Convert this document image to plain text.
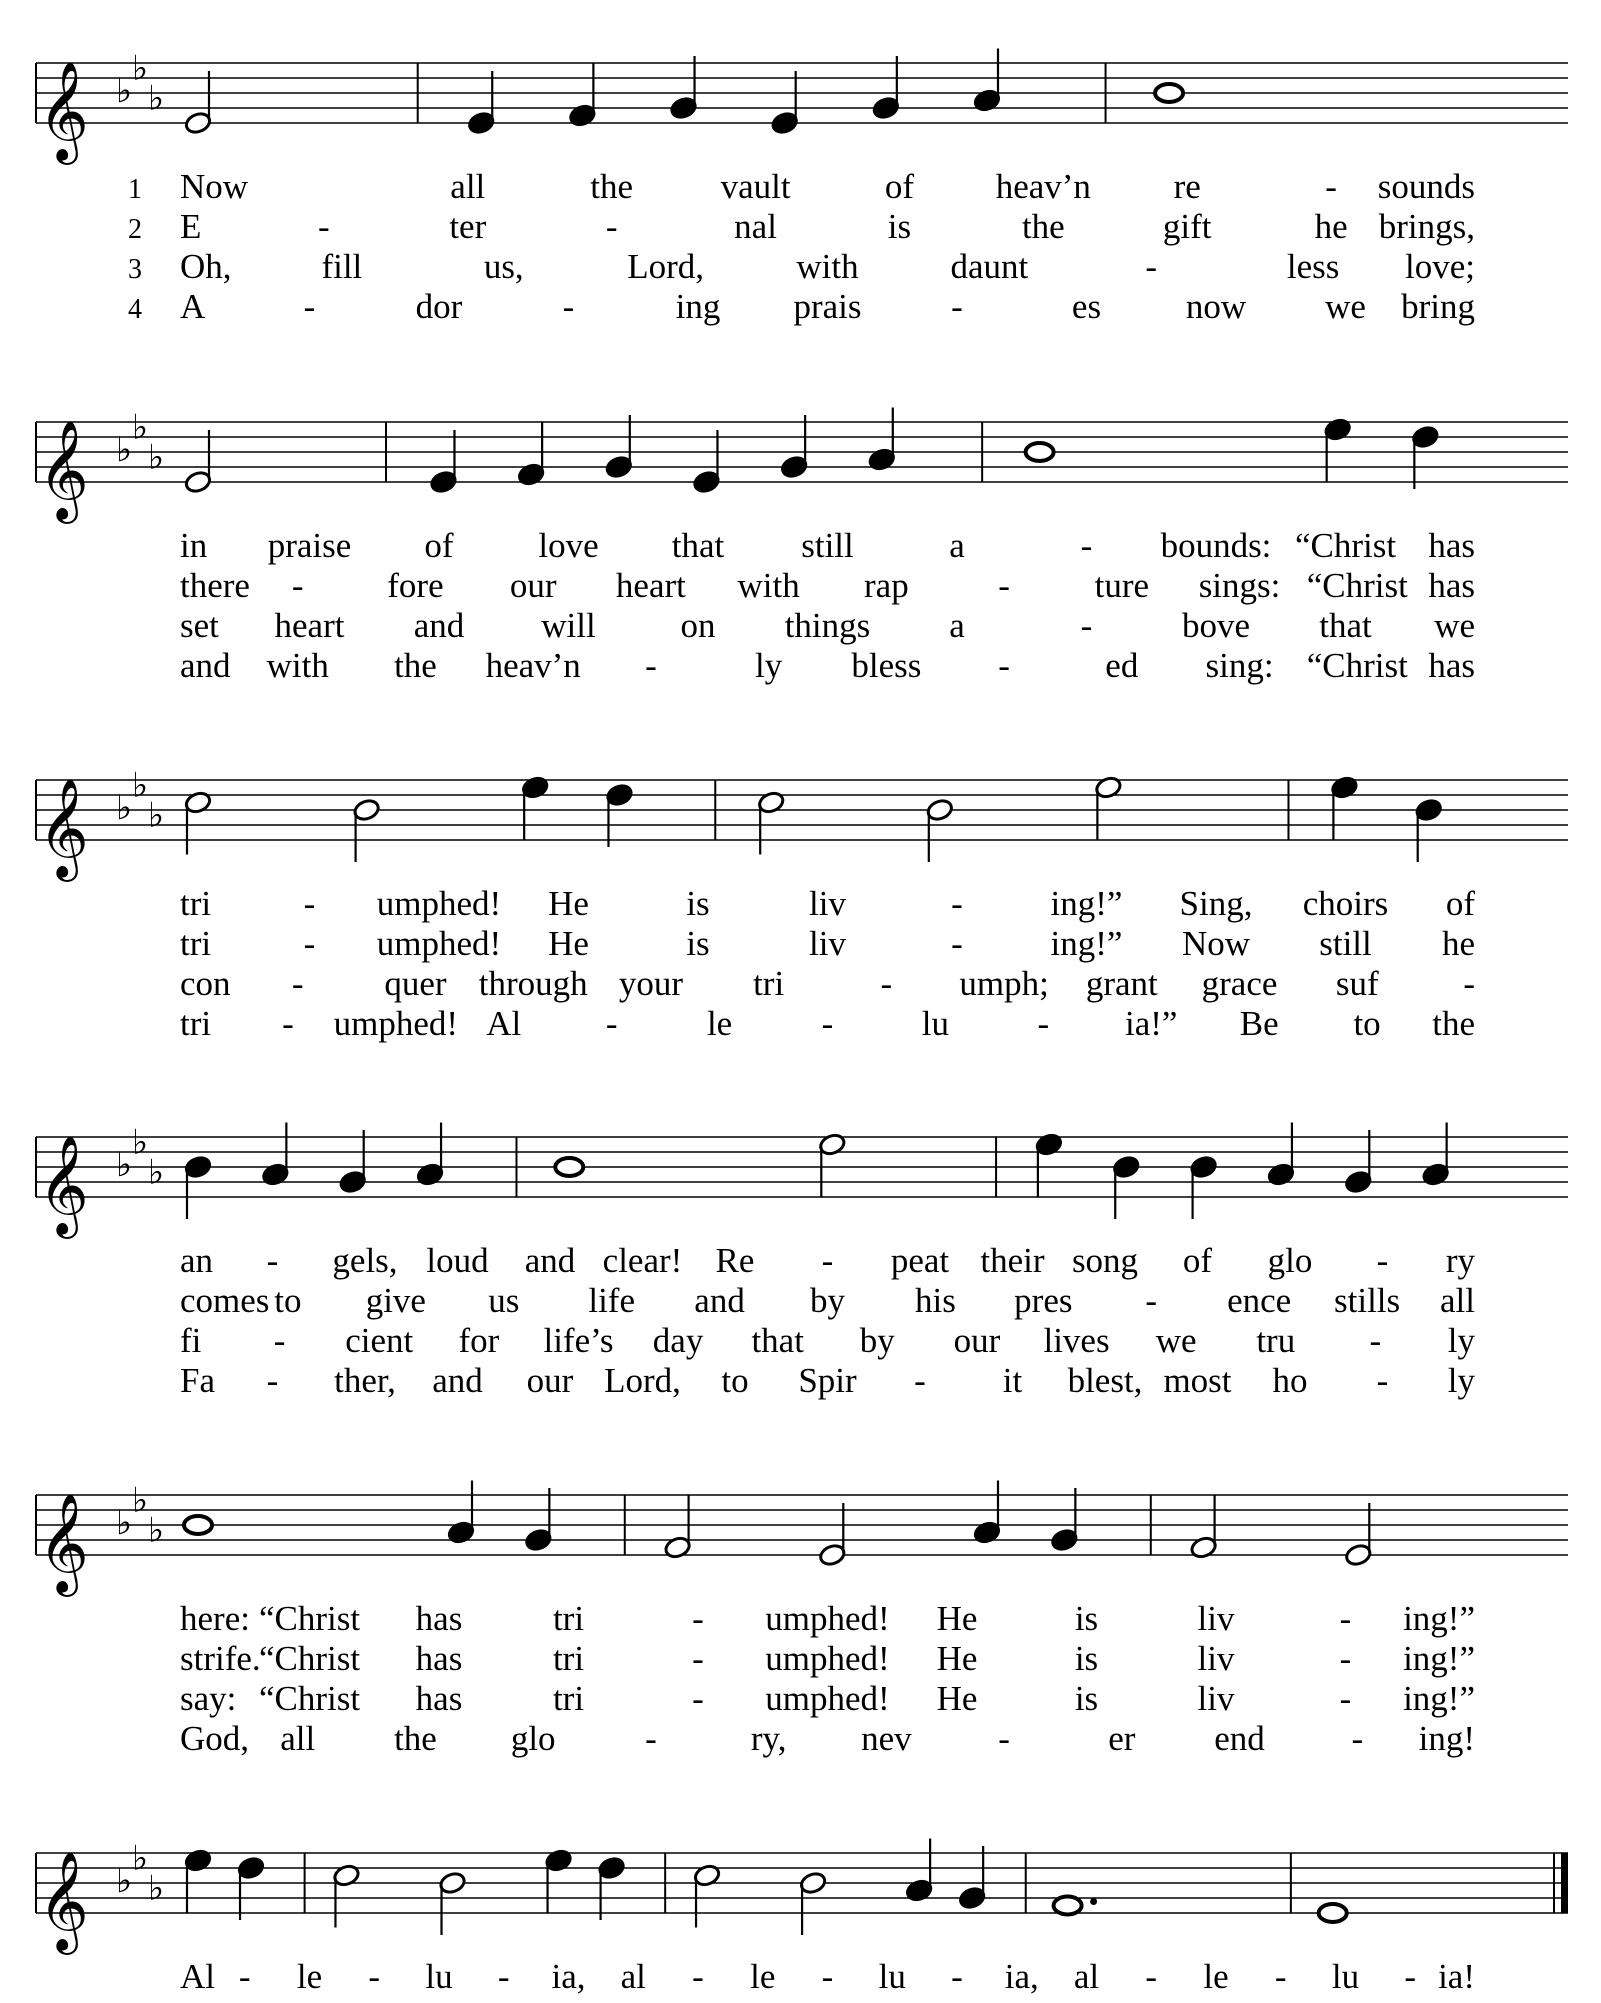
𝄞 ♭
♭
♭
1 Now	all	the	vault	of heav’n re	- sounds
2 E	-	ter	-	nal	is	the	gift	he brings,
3 Oh,	fill	us,	Lord,	with	daunt	-	less love;
4 A	-	dor	-	ing prais	-	es now we bring
𝄞 ♭
♭
♭
in praise of love that still	a	- bounds: “Christ has
there - fore our heart with rap	- ture sings: “Christ has
set heart and will on things a	-	bove that we
and with the heav’n -	ly bless -	ed sing: “Christ has
𝄞 ♭
♭
♭
tri	- umphed! He	is	liv	-	ing!” Sing, choirs of
tri	- umphed! He	is	liv	-	ing!” Now still he
con - quer through your tri	- umph; grant grace suf -
tri - umphed! Al -	le	-	lu	- ia!” Be to the
𝄞 ♭
♭
♭
an - gels, loud and clear! Re - peat their song of glo - ry
comes to give us life and by his pres - ence stills all
fi - cient for life’s day that by our lives we tru - ly
Fa - ther, and our Lord, to Spir - it blest, most ho - ly
𝄞 ♭
♭
♭
here: “Christ has	tri	- umphed! He	is	liv	- ing!”
strife.
“Christ has	tri	- umphed! He	is	liv	- ing!”
say: “Christ has	tri	- umphed! He	is	liv	- ing!”
God, all the glo	-	ry, nev -	er end - ing!
𝄞 ♭
♭
♭
Al - le - lu - ia, al - le - lu - ia, al - le - lu - ia!
